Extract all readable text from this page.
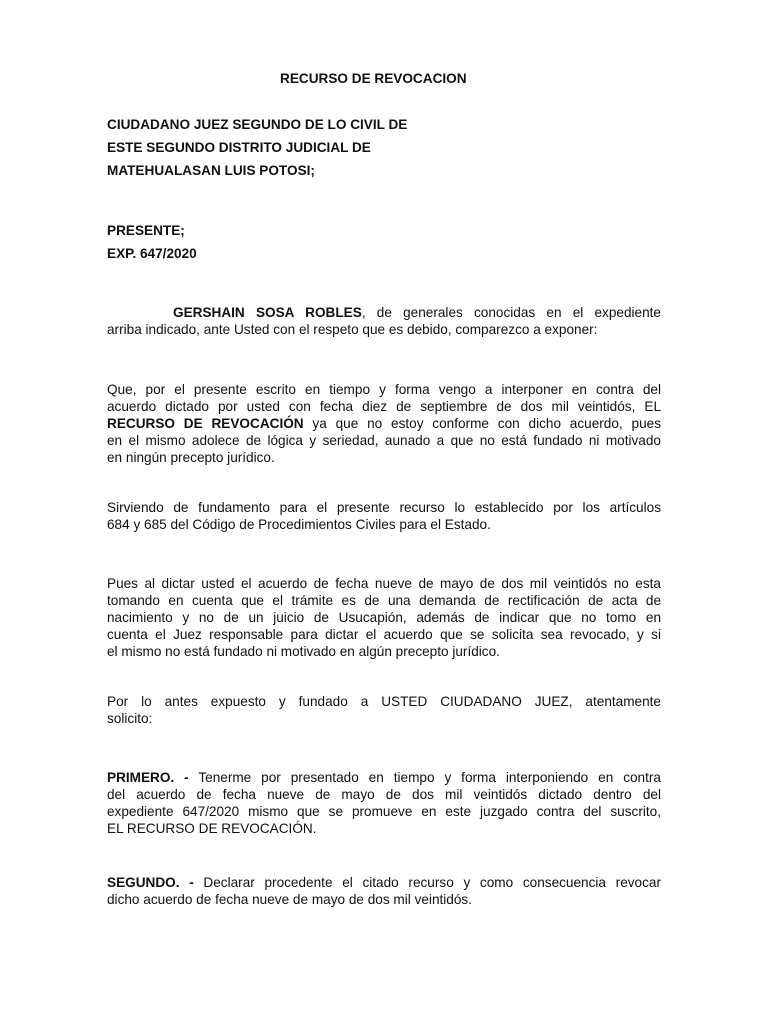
RECURSO DE REVOCACION

CIUDADANO JUEZ SEGUNDO DE LO CIVIL DE

ESTE SEGUNDO DISTRITO JUDICIAL DE

MATEHUALASAN LUIS POTOSI;

PRESENTE;

EXP. 647/2020

GERSHAIN SOSA ROBLES, de generales conocidas en el expediente
arriba indicado, ante Usted con el respeto que es debido, comparezco a exponer:
Que, por el presente escrito en tiempo y forma vengo a interponer en contra del
acuerdo dictado por usted con fecha diez de septiembre de dos mil veintidós, EL
RECURSO DE REVOCACIÓN ya que no estoy conforme con dicho acuerdo, pues
en el mismo adolece de lógica y seriedad, aunado a que no está fundado ni motivado
en ningún precepto jurídico.
Sirviendo de fundamento para el presente recurso lo establecido por los artículos
684 y 685 del Código de Procedimientos Civiles para el Estado.
Pues al dictar usted el acuerdo de fecha nueve de mayo de dos mil veintidós no esta
tomando en cuenta que el trámite es de una demanda de rectificación de acta de
nacimiento y no de un juicio de Usucapión, además de indicar que no tomo en
cuenta el Juez responsable para dictar el acuerdo que se solicita sea revocado, y si
el mismo no está fundado ni motivado en algún precepto jurídico.
Por lo antes expuesto y fundado a USTED CIUDADANO JUEZ, atentamente
solicito:
PRIMERO. - Tenerme por presentado en tiempo y forma interponiendo en contra
del acuerdo de fecha nueve de mayo de dos mil veintidós dictado dentro del
expediente 647/2020 mismo que se promueve en este juzgado contra del suscrito,
EL RECURSO DE REVOCACIÓN.
SEGUNDO. - Declarar procedente el citado recurso y como consecuencia revocar
dicho acuerdo de fecha nueve de mayo de dos mil veintidós.
